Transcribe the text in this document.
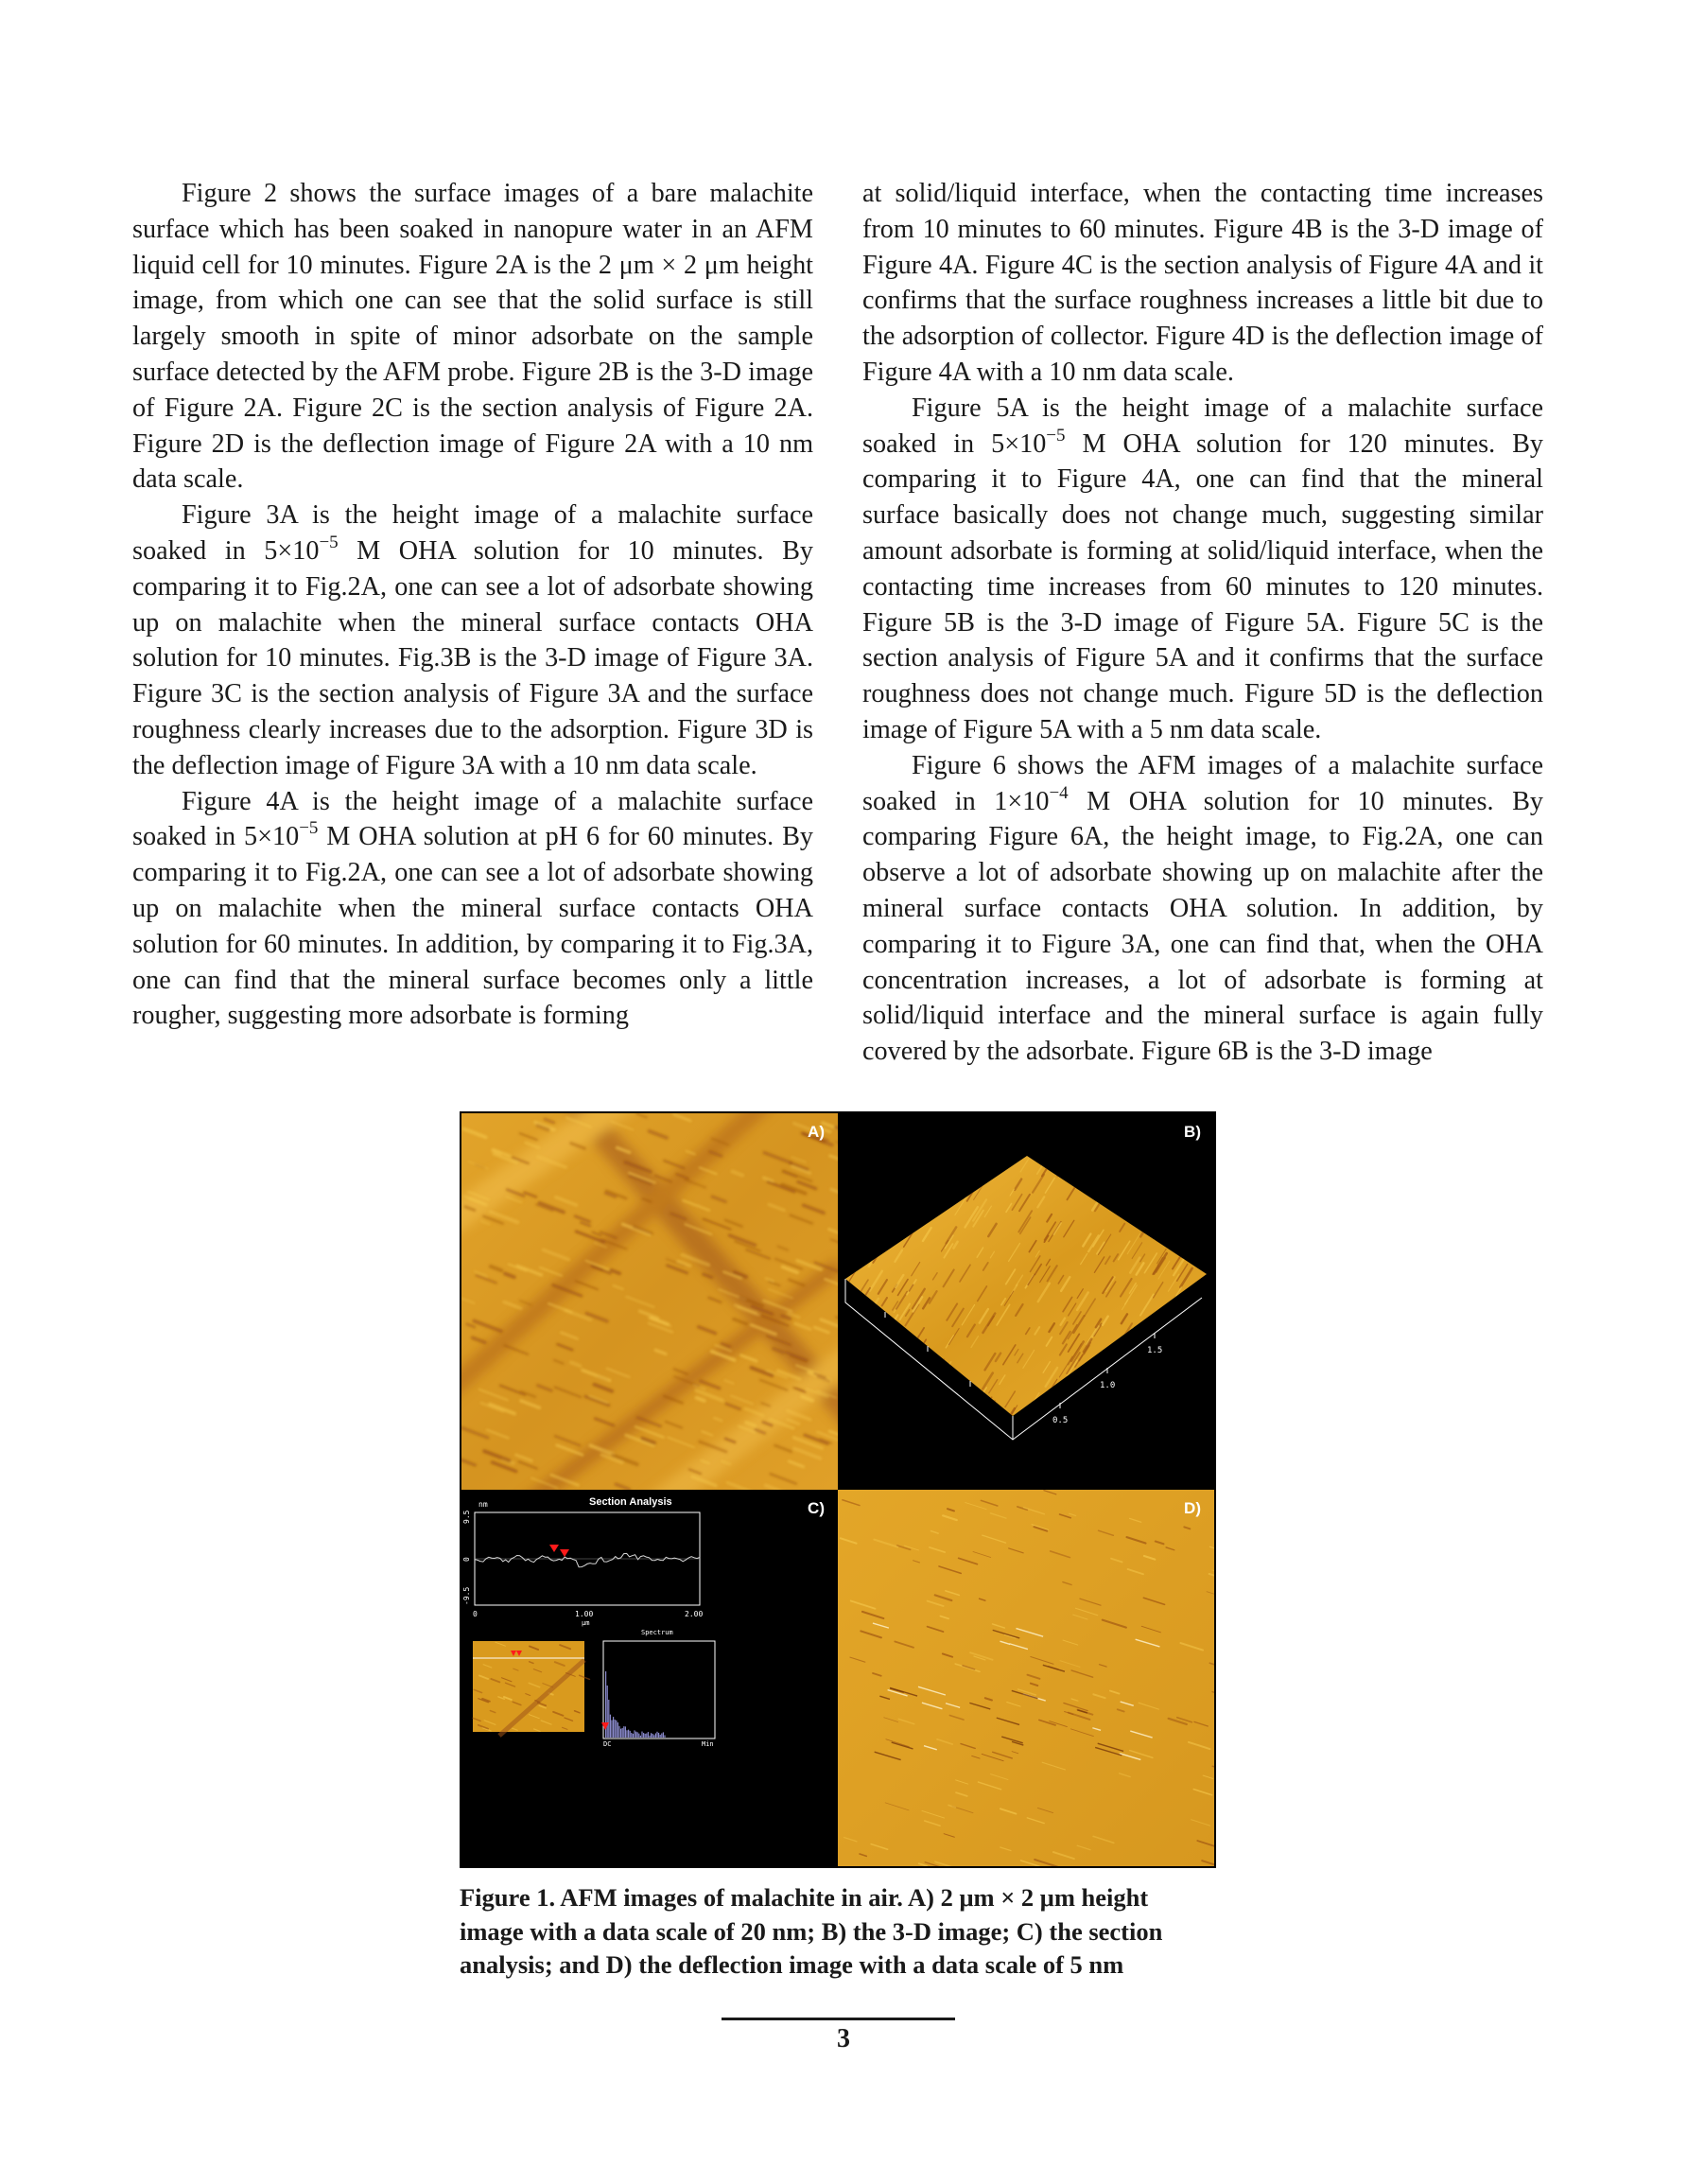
Figure 2 shows the surface images of a bare malachite surface which has been soaked in nanopure water in an AFM liquid cell for 10 minutes. Figure 2A is the 2 μm × 2 μm height image, from which one can see that the solid surface is still largely smooth in spite of minor adsorbate on the sample surface detected by the AFM probe. Figure 2B is the 3-D image of Figure 2A. Figure 2C is the section analysis of Figure 2A. Figure 2D is the deflection image of Figure 2A with a 10 nm data scale.

Figure 3A is the height image of a malachite surface soaked in $5\times 10^{-5}$ M OHA solution for 10 minutes. By comparing it to Fig.2A, one can see a lot of adsorbate showing up on malachite when the mineral surface contacts OHA solution for 10 minutes. Fig.3B is the 3-D image of Figure 3A. Figure 3C is the section analysis of Figure 3A and the surface roughness clearly increases due to the adsorption. Figure 3D is the deflection image of Figure 3A with a 10 nm data scale.

Figure 4A is the height image of a malachite surface soaked in $5\times 10^{-5}$ M OHA solution at pH 6 for 60 minutes. By comparing it to Fig.2A, one can see a lot of adsorbate showing up on malachite when the mineral surface contacts OHA solution for 60 minutes. In addition, by comparing it to Fig.3A, one can find that the mineral surface becomes only a little rougher, suggesting more adsorbate is forming

at solid/liquid interface, when the contacting time increases from 10 minutes to 60 minutes. Figure 4B is the 3-D image of Figure 4A. Figure 4C is the section analysis of Figure 4A and it confirms that the surface roughness increases a little bit due to the adsorption of collector. Figure 4D is the deflection image of Figure 4A with a 10 nm data scale.

Figure 5A is the height image of a malachite surface soaked in $5\times 10^{-5}$ M OHA solution for 120 minutes. By comparing it to Figure 4A, one can find that the mineral surface basically does not change much, suggesting similar amount adsorbate is forming at solid/liquid interface, when the contacting time increases from 60 minutes to 120 minutes. Figure 5B is the 3-D image of Figure 5A. Figure 5C is the section analysis of Figure 5A and it confirms that the surface roughness does not change much. Figure 5D is the deflection image of Figure 5A with a 5 nm data scale.

Figure 6 shows the AFM images of a malachite surface soaked in $1\times 10^{-4}$ M OHA solution for 10 minutes. By comparing Figure 6A, the height image, to Fig.2A, one can observe a lot of adsorbate showing up on malachite after the mineral surface contacts OHA solution. In addition, by comparing it to Figure 3A, one can find that, when the OHA concentration increases, a lot of adsorbate is forming at solid/liquid interface and the mineral surface is again fully covered by the adsorbate. Figure 6B is the 3-D image

A)
0.5
1.0
1.5
B)
Section Analysis
nm
9.5
0
-9.5
0	1.00
μm
2.00
Spectrum
DC	Min
C)	D)
Figure 1. AFM images of malachite in air. A) 2 μm × 2 μm height image with a data scale of 20 nm; B) the 3-D image; C) the section analysis; and D) the deflection image with a data scale of 5 nm
3
